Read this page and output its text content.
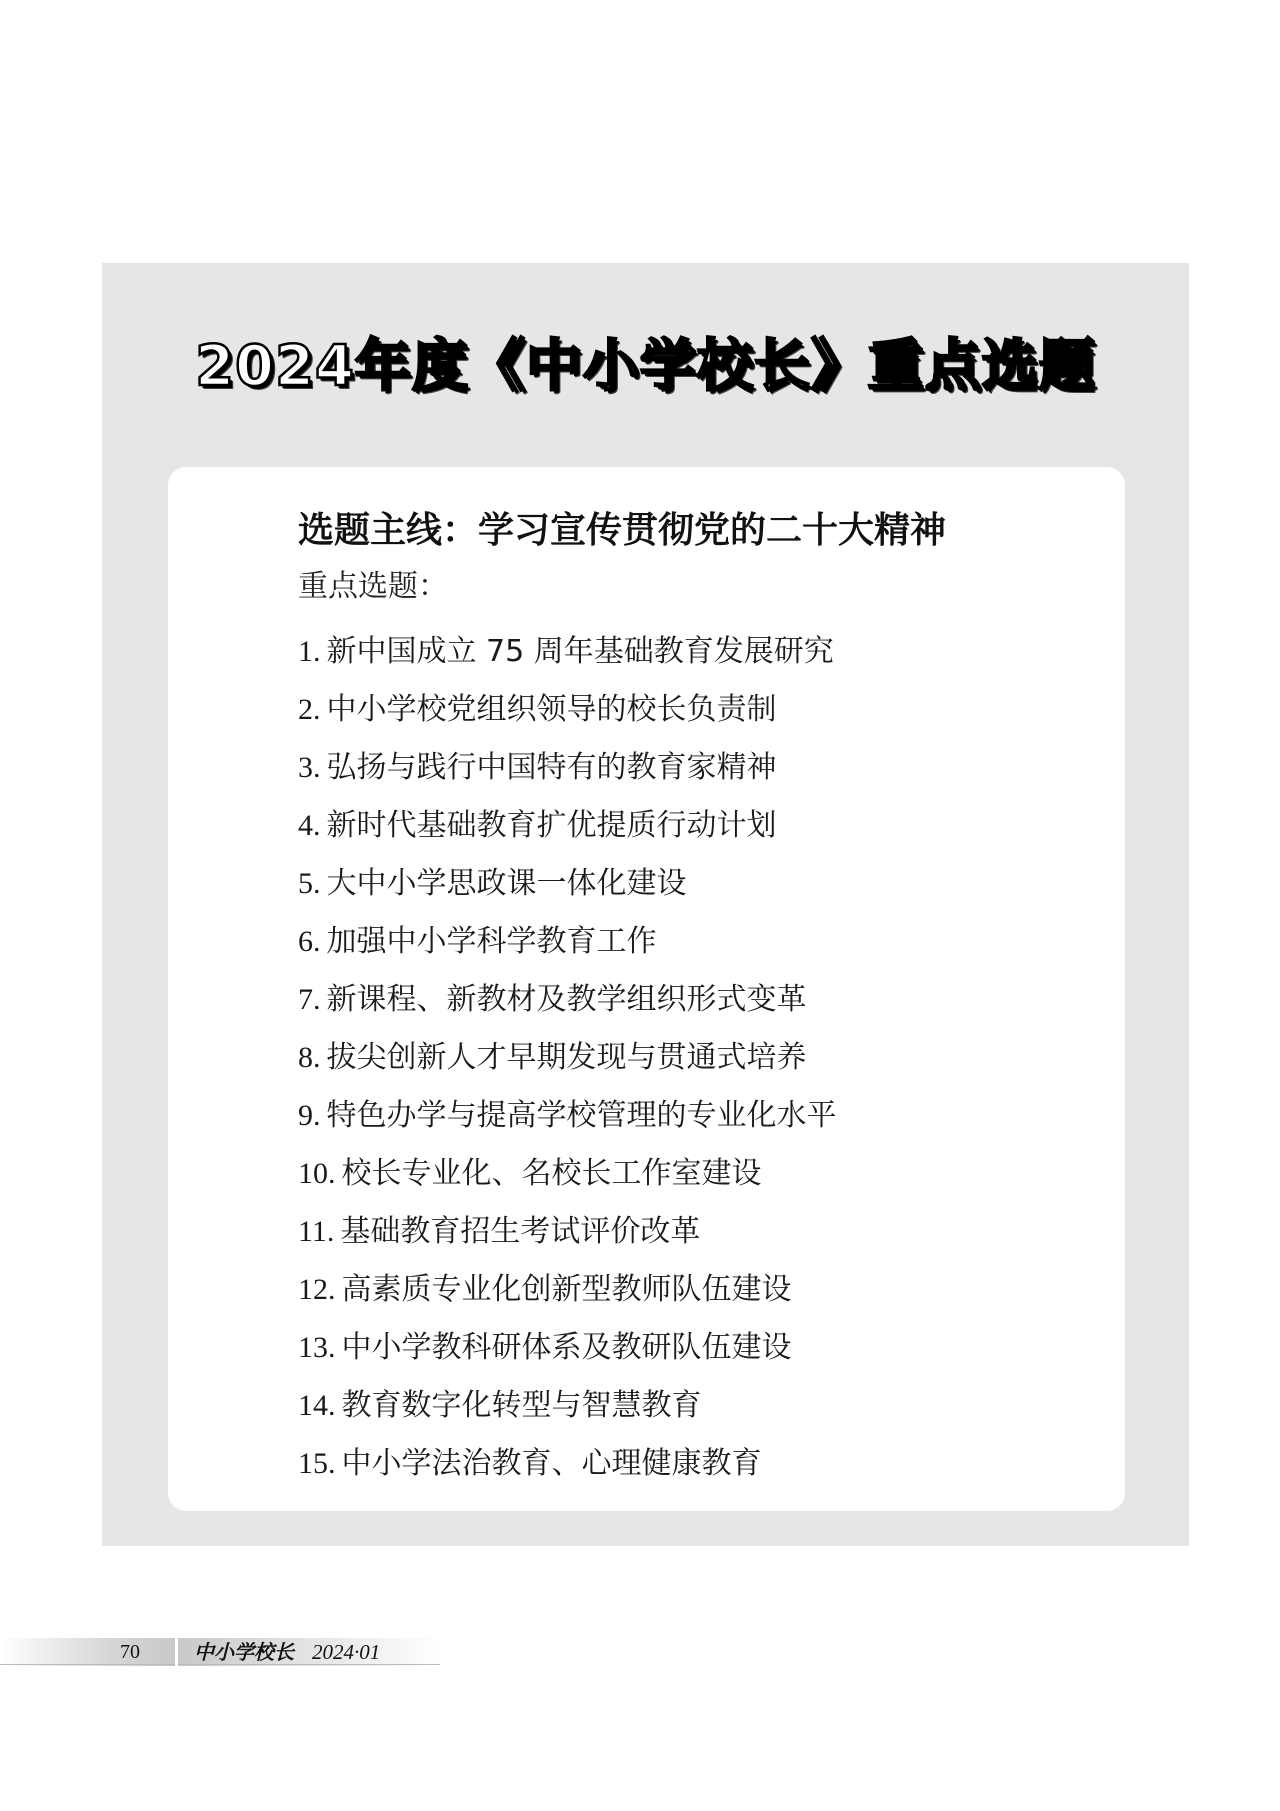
2024年度《中小学校长》重点选题
选题主线：学习宣传贯彻党的二十大精神
重点选题：
1. 新中国成立 75 周年基础教育发展研究
2. 中小学校党组织领导的校长负责制
3. 弘扬与践行中国特有的教育家精神
4. 新时代基础教育扩优提质行动计划
5. 大中小学思政课一体化建设
6. 加强中小学科学教育工作
7. 新课程、新教材及教学组织形式变革
8. 拔尖创新人才早期发现与贯通式培养
9. 特色办学与提高学校管理的专业化水平
10. 校长专业化、名校长工作室建设
11. 基础教育招生考试评价改革
12. 高素质专业化创新型教师队伍建设
13. 中小学教科研体系及教研队伍建设
14. 教育数字化转型与智慧教育
15. 中小学法治教育、心理健康教育
70	中小学校长 2024·01
